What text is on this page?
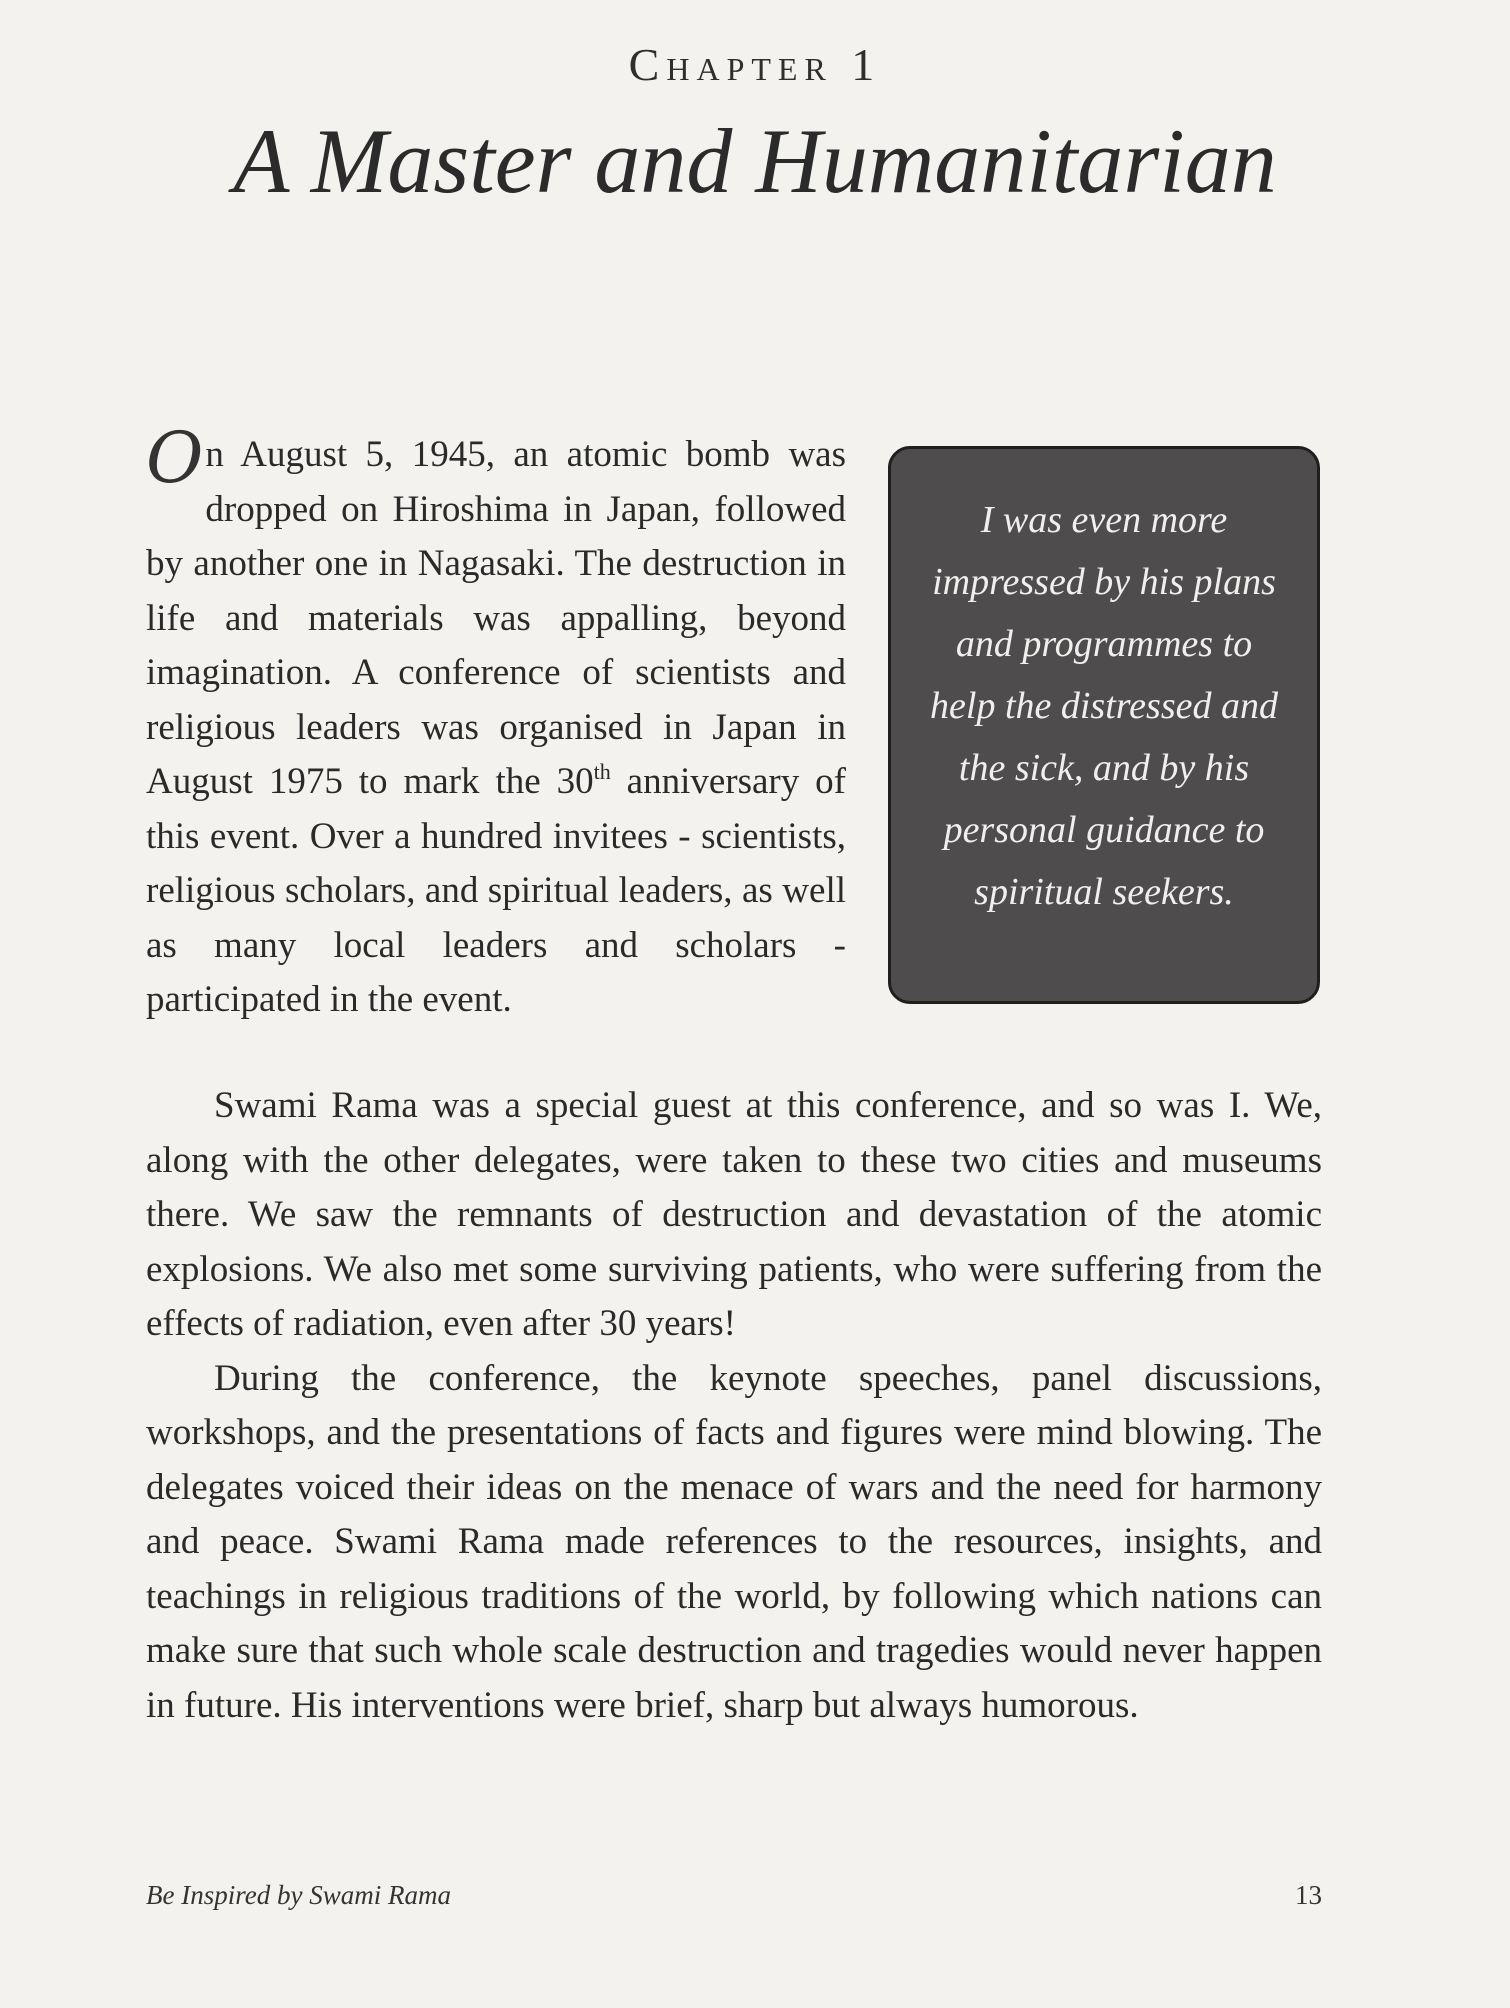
Chapter 1
A Master and Humanitarian

On August 5, 1945, an atomic bomb was dropped on Hiroshima in Japan, followed by another one in Nagasaki. The destruction in life and materials was appalling, beyond imagination. A conference of scientists and religious leaders was organised in Japan in August 1975 to mark the 30th anniversary of this event. Over a hundred invitees - scientists, religious scholars, and spiritual leaders, as well as many local leaders and scholars - participated in the event.

I was even more impressed by his plans and programmes to help the distressed and the sick, and by his personal guidance to spiritual seekers.

Swami Rama was a special guest at this conference, and so was I. We, along with the other delegates, were taken to these two cities and museums there. We saw the remnants of destruction and devastation of the atomic explosions. We also met some surviving patients, who were suffering from the effects of radiation, even after 30 years!

During the conference, the keynote speeches, panel discussions, workshops, and the presentations of facts and figures were mind blowing. The delegates voiced their ideas on the menace of wars and the need for harmony and peace. Swami Rama made references to the resources, insights, and teachings in religious traditions of the world, by following which nations can make sure that such whole scale destruction and tragedies would never happen in future. His interventions were brief, sharp but always humorous.

Be Inspired by Swami Rama	13
